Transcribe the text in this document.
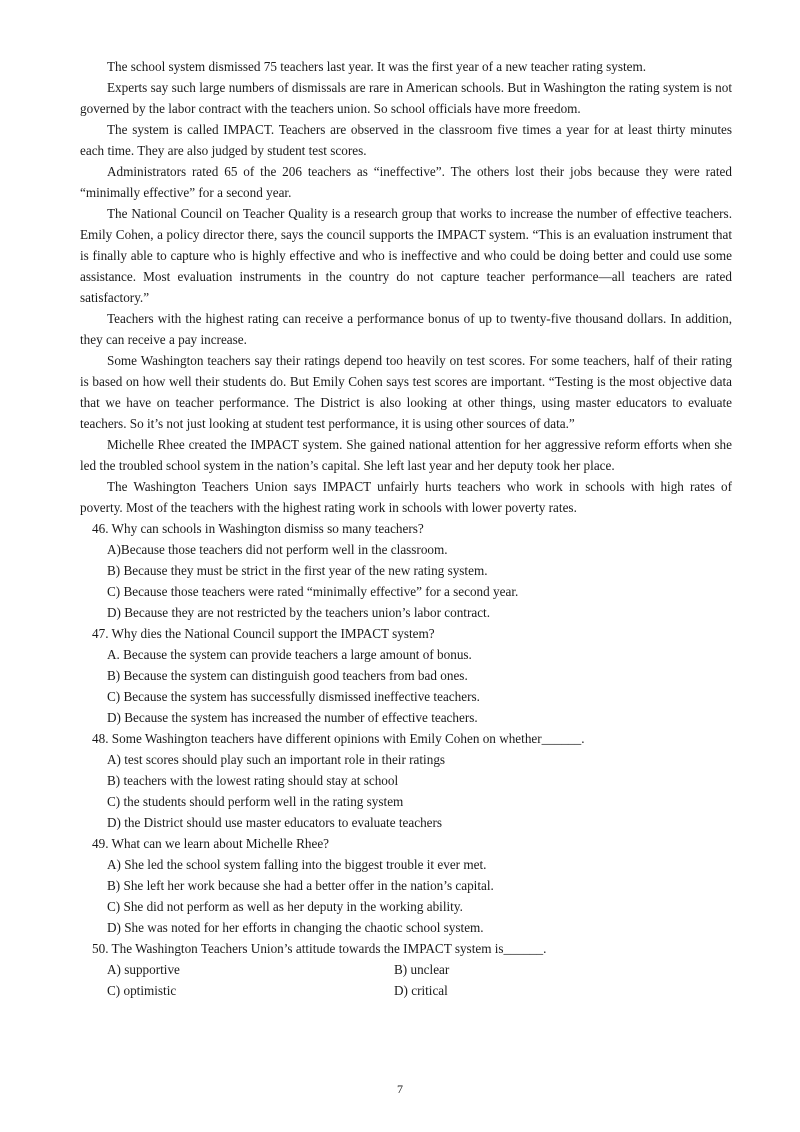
The school system dismissed 75 teachers last year. It was the first year of a new teacher rating system.

Experts say such large numbers of dismissals are rare in American schools. But in Washington the rating system is not governed by the labor contract with the teachers union. So school officials have more freedom.

The system is called IMPACT. Teachers are observed in the classroom five times a year for at least thirty minutes each time. They are also judged by student test scores.

Administrators rated 65 of the 206 teachers as “ineffective”. The others lost their jobs because they were rated “minimally effective” for a second year.

The National Council on Teacher Quality is a research group that works to increase the number of effective teachers. Emily Cohen, a policy director there, says the council supports the IMPACT system. “This is an evaluation instrument that is finally able to capture who is highly effective and who is ineffective and who could be doing better and could use some assistance. Most evaluation instruments in the country do not capture teacher performance—all teachers are rated satisfactory.”

Teachers with the highest rating can receive a performance bonus of up to twenty-five thousand dollars. In addition, they can receive a pay increase.

Some Washington teachers say their ratings depend too heavily on test scores. For some teachers, half of their rating is based on how well their students do. But Emily Cohen says test scores are important. “Testing is the most objective data that we have on teacher performance. The District is also looking at other things, using master educators to evaluate teachers. So it’s not just looking at student test performance, it is using other sources of data.”

Michelle Rhee created the IMPACT system. She gained national attention for her aggressive reform efforts when she led the troubled school system in the nation’s capital. She left last year and her deputy took her place.

The Washington Teachers Union says IMPACT unfairly hurts teachers who work in schools with high rates of poverty. Most of the teachers with the highest rating work in schools with lower poverty rates.

46. Why can schools in Washington dismiss so many teachers?

A)Because those teachers did not perform well in the classroom.

B) Because they must be strict in the first year of the new rating system.

C) Because those teachers were rated “minimally effective” for a second year.

D) Because they are not restricted by the teachers union’s labor contract.

47. Why dies the National Council support the IMPACT system?

A. Because the system can provide teachers a large amount of bonus.

B) Because the system can distinguish good teachers from bad ones.

C) Because the system has successfully dismissed ineffective teachers.

D) Because the system has increased the number of effective teachers.

48. Some Washington teachers have different opinions with Emily Cohen on whether______.

A) test scores should play such an important role in their ratings

B) teachers with the lowest rating should stay at school

C) the students should perform well in the rating system

D) the District should use master educators to evaluate teachers

49. What can we learn about Michelle Rhee?

A) She led the school system falling into the biggest trouble it ever met.

B) She left her work because she had a better offer in the nation’s capital.

C) She did not perform as well as her deputy in the working ability.

D) She was noted for her efforts in changing the chaotic school system.

50. The Washington Teachers Union’s attitude towards the IMPACT system is______.

A) supportive	B) unclear
C) optimistic	D) critical
7
